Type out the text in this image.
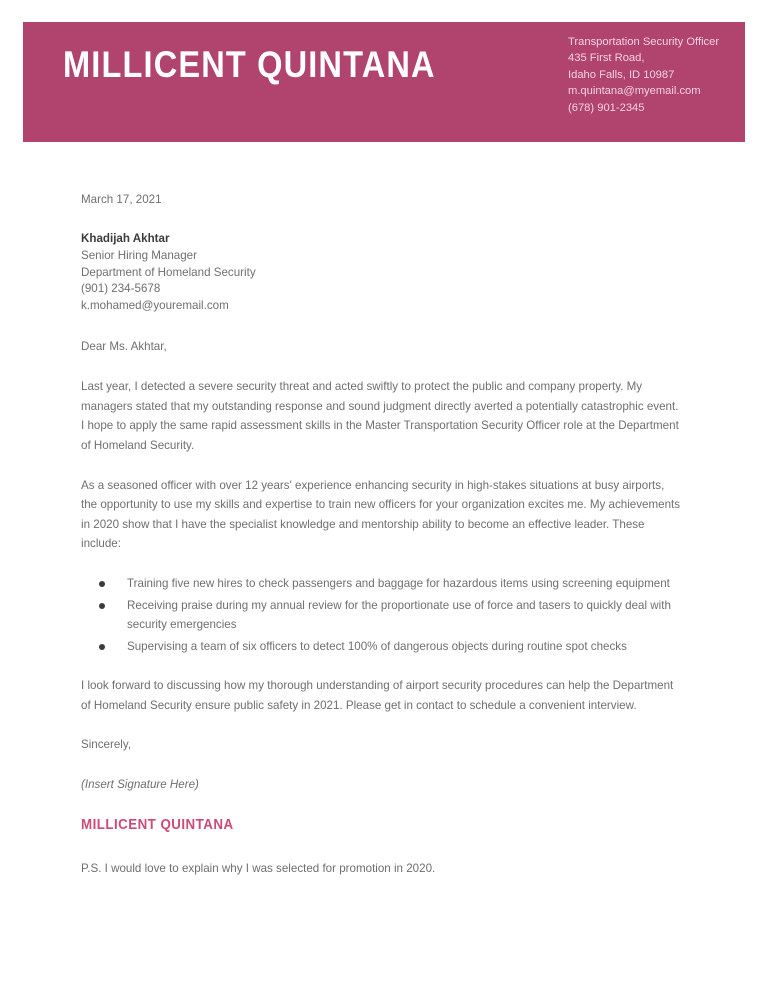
MILLICENT QUINTANA
Transportation Security Officer
435 First Road,
Idaho Falls, ID 10987
m.quintana@myemail.com
(678) 901-2345
March 17, 2021
Khadijah Akhtar
Senior Hiring Manager
Department of Homeland Security
(901) 234-5678
k.mohamed@youremail.com
Dear Ms. Akhtar,

Last year, I detected a severe security threat and acted swiftly to protect the public and company property. My managers stated that my outstanding response and sound judgment directly averted a potentially catastrophic event. I hope to apply the same rapid assessment skills in the Master Transportation Security Officer role at the Department of Homeland Security.

As a seasoned officer with over 12 years' experience enhancing security in high-stakes situations at busy airports, the opportunity to use my skills and expertise to train new officers for your organization excites me. My achievements in 2020 show that I have the specialist knowledge and mentorship ability to become an effective leader. These include:

Training five new hires to check passengers and baggage for hazardous items using screening equipment
Receiving praise during my annual review for the proportionate use of force and tasers to quickly deal with security emergencies
Supervising a team of six officers to detect 100% of dangerous objects during routine spot checks

I look forward to discussing how my thorough understanding of airport security procedures can help the Department of Homeland Security ensure public safety in 2021. Please get in contact to schedule a convenient interview.

Sincerely,
(Insert Signature Here)
MILLICENT QUINTANA

P.S. I would love to explain why I was selected for promotion in 2020.
